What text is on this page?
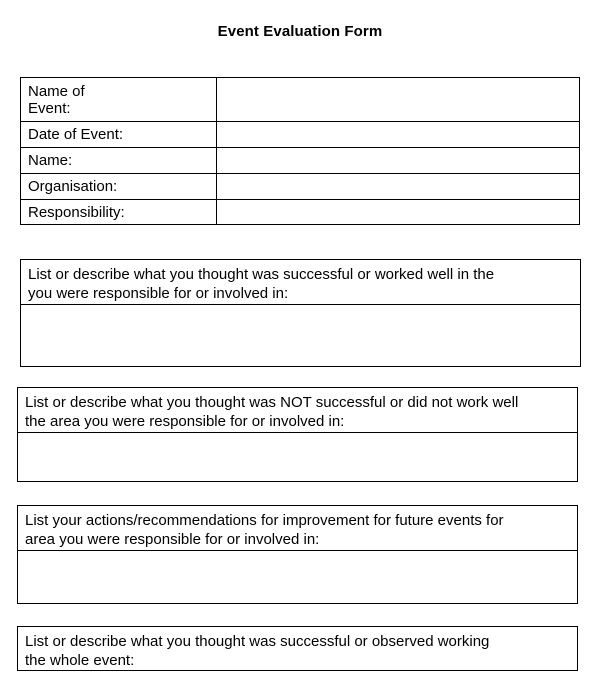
Event Evaluation Form
Name of
Event:	

Date of Event:	
Name:	
Organisation:	
Responsibility:	
List or describe what you thought was successful or worked well in the
you were responsible for or involved in:
List or describe what you thought was NOT successful or did not work well
the area you were responsible for or involved in:
List your actions/recommendations for improvement for future events for
area you were responsible for or involved in:
List or describe what you thought was successful or observed working
the whole event:
